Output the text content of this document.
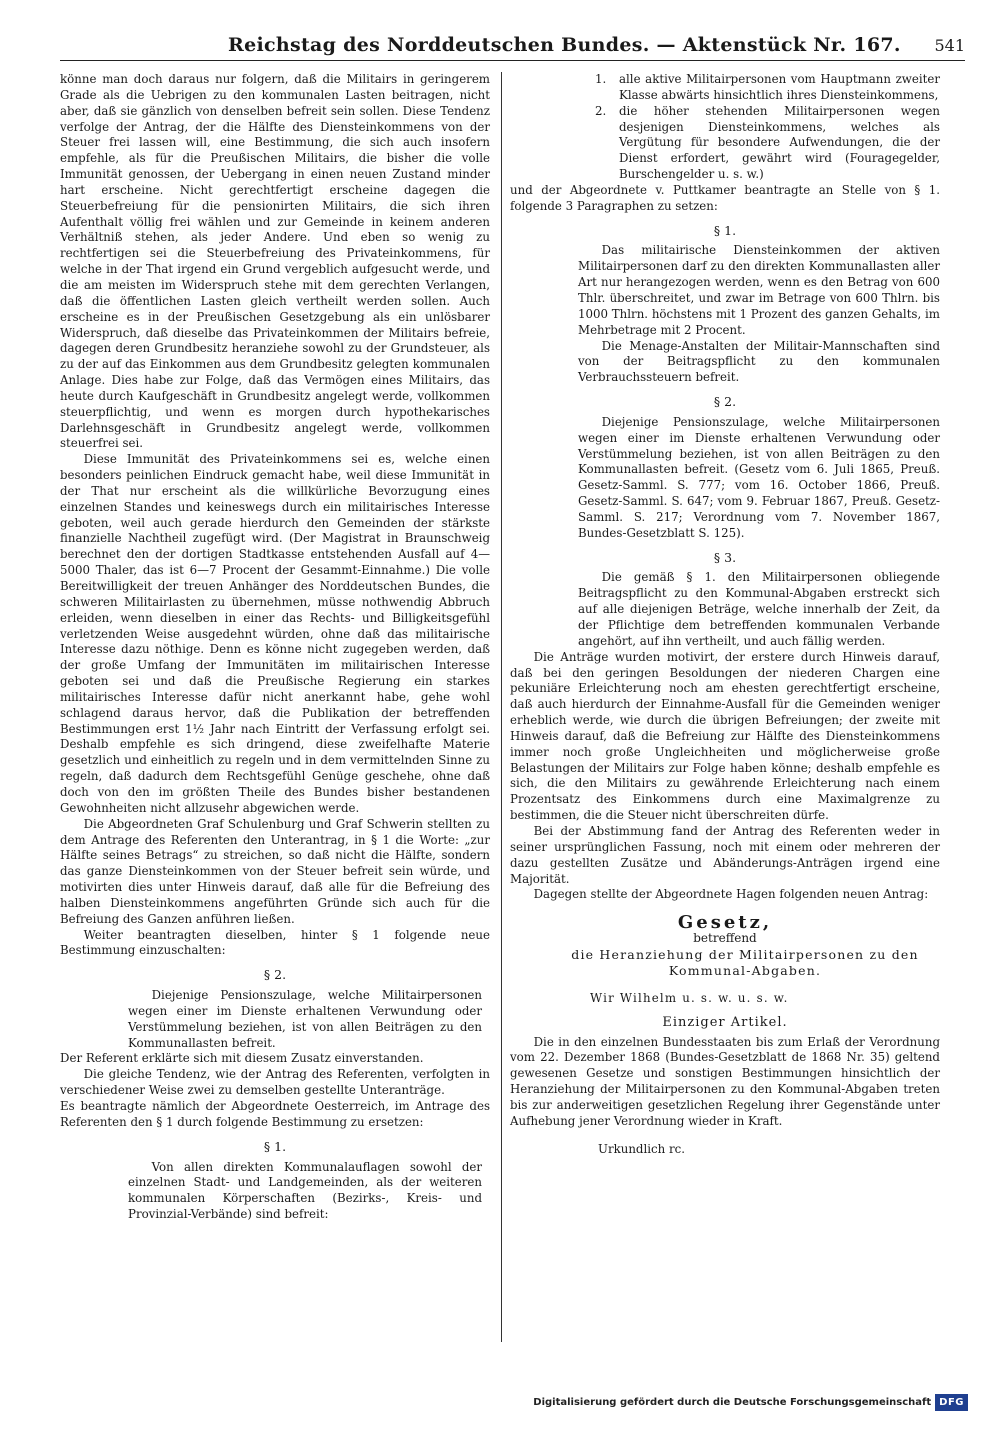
Reichstag des Norddeutschen Bundes. — Aktenstück Nr. 167. 541

könne man doch daraus nur folgern, daß die Militairs in geringerem Grade als die Uebrigen zu den kommunalen Lasten beitragen, nicht aber, daß sie gänzlich von denselben befreit sein sollen. Diese Tendenz verfolge der Antrag, der die Hälfte des Diensteinkommens von der Steuer frei lassen will, eine Bestimmung, die sich auch insofern empfehle, als für die Preußischen Militairs, die bisher die volle Immunität genossen, der Uebergang in einen neuen Zustand minder hart erscheine. Nicht gerechtfertigt erscheine dagegen die Steuerbefreiung für die pensionirten Militairs, die sich ihren Aufenthalt völlig frei wählen und zur Gemeinde in keinem anderen Verhältniß stehen, als jeder Andere. Und eben so wenig zu rechtfertigen sei die Steuerbefreiung des Privateinkommens, für welche in der That irgend ein Grund vergeblich aufgesucht werde, und die am meisten im Widerspruch stehe mit dem gerechten Verlangen, daß die öffentlichen Lasten gleich vertheilt werden sollen. Auch erscheine es in der Preußischen Gesetzgebung als ein unlösbarer Widerspruch, daß dieselbe das Privateinkommen der Militairs befreie, dagegen deren Grundbesitz heranziehe sowohl zu der Grundsteuer, als zu der auf das Einkommen aus dem Grundbesitz gelegten kommunalen Anlage. Dies habe zur Folge, daß das Vermögen eines Militairs, das heute durch Kaufgeschäft in Grundbesitz angelegt werde, vollkommen steuerpflichtig, und wenn es morgen durch hypothekarisches Darlehnsgeschäft in Grundbesitz angelegt werde, vollkommen steuerfrei sei.

Diese Immunität des Privateinkommens sei es, welche einen besonders peinlichen Eindruck gemacht habe, weil diese Immunität in der That nur erscheint als die willkürliche Bevorzugung eines einzelnen Standes und keineswegs durch ein militairisches Interesse geboten, weil auch gerade hierdurch den Gemeinden der stärkste finanzielle Nachtheil zugefügt wird. (Der Magistrat in Braunschweig berechnet den der dortigen Stadtkasse entstehenden Ausfall auf 4—5000 Thaler, das ist 6—7 Procent der Gesammt-Einnahme.) Die volle Bereitwilligkeit der treuen Anhänger des Norddeutschen Bundes, die schweren Militairlasten zu übernehmen, müsse nothwendig Abbruch erleiden, wenn dieselben in einer das Rechts- und Billigkeitsgefühl verletzenden Weise ausgedehnt würden, ohne daß das militairische Interesse dazu nöthige. Denn es könne nicht zugegeben werden, daß der große Umfang der Immunitäten im militairischen Interesse geboten sei und daß die Preußische Regierung ein starkes militairisches Interesse dafür nicht anerkannt habe, gehe wohl schlagend daraus hervor, daß die Publikation der betreffenden Bestimmungen erst 1½ Jahr nach Eintritt der Verfassung erfolgt sei. Deshalb empfehle es sich dringend, diese zweifelhafte Materie gesetzlich und einheitlich zu regeln und in dem vermittelnden Sinne zu regeln, daß dadurch dem Rechtsgefühl Genüge geschehe, ohne daß doch von den im größten Theile des Bundes bisher bestandenen Gewohnheiten nicht allzusehr abgewichen werde.

Die Abgeordneten Graf Schulenburg und Graf Schwerin stellten zu dem Antrage des Referenten den Unterantrag, in § 1 die Worte: „zur Hälfte seines Betrags“ zu streichen, so daß nicht die Hälfte, sondern das ganze Diensteinkommen von der Steuer befreit sein würde, und motivirten dies unter Hinweis darauf, daß alle für die Befreiung des halben Diensteinkommens angeführten Gründe sich auch für die Befreiung des Ganzen anführen ließen.

Weiter beantragten dieselben, hinter § 1 folgende neue Bestimmung einzuschalten:

§ 2.

Diejenige Pensionszulage, welche Militairpersonen wegen einer im Dienste erhaltenen Verwundung oder Verstümmelung beziehen, ist von allen Beiträgen zu den Kommunallasten befreit.

Der Referent erklärte sich mit diesem Zusatz einverstanden.

Die gleiche Tendenz, wie der Antrag des Referenten, verfolgten in verschiedener Weise zwei zu demselben gestellte Unteranträge.

Es beantragte nämlich der Abgeordnete Oesterreich, im Antrage des Referenten den § 1 durch folgende Bestimmung zu ersetzen:

§ 1.

Von allen direkten Kommunalauflagen sowohl der einzelnen Stadt- und Landgemeinden, als der weiteren kommunalen Körperschaften (Bezirks-, Kreis- und Provinzial-Verbände) sind befreit:

1. alle aktive Militairpersonen vom Hauptmann zweiter Klasse abwärts hinsichtlich ihres Diensteinkommens,
2. die höher stehenden Militairpersonen wegen desjenigen Diensteinkommens, welches als Vergütung für besondere Aufwendungen, die der Dienst erfordert, gewährt wird (Fouragegelder, Burschengelder u. s. w.)

und der Abgeordnete v. Puttkamer beantragte an Stelle von § 1. folgende 3 Paragraphen zu setzen:

§ 1.

Das militairische Diensteinkommen der aktiven Militairpersonen darf zu den direkten Kommunallasten aller Art nur herangezogen werden, wenn es den Betrag von 600 Thlr. überschreitet, und zwar im Betrage von 600 Thlrn. bis 1000 Thlrn. höchstens mit 1 Prozent des ganzen Gehalts, im Mehrbetrage mit 2 Procent.

Die Menage-Anstalten der Militair-Mannschaften sind von der Beitragspflicht zu den kommunalen Verbrauchssteuern befreit.

§ 2.

Diejenige Pensionszulage, welche Militairpersonen wegen einer im Dienste erhaltenen Verwundung oder Verstümmelung beziehen, ist von allen Beiträgen zu den Kommunallasten befreit. (Gesetz vom 6. Juli 1865, Preuß. Gesetz-Samml. S. 777; vom 16. October 1866, Preuß. Gesetz-Samml. S. 647; vom 9. Februar 1867, Preuß. Gesetz-Samml. S. 217; Verordnung vom 7. November 1867, Bundes-Gesetzblatt S. 125).

§ 3.

Die gemäß § 1. den Militairpersonen obliegende Beitragspflicht zu den Kommunal-Abgaben erstreckt sich auf alle diejenigen Beträge, welche innerhalb der Zeit, da der Pflichtige dem betreffenden kommunalen Verbande angehört, auf ihn vertheilt, und auch fällig werden.

Die Anträge wurden motivirt, der erstere durch Hinweis darauf, daß bei den geringen Besoldungen der niederen Chargen eine pekuniäre Erleichterung noch am ehesten gerechtfertigt erscheine, daß auch hierdurch der Einnahme-Ausfall für die Gemeinden weniger erheblich werde, wie durch die übrigen Befreiungen; der zweite mit Hinweis darauf, daß die Befreiung zur Hälfte des Diensteinkommens immer noch große Ungleichheiten und möglicherweise große Belastungen der Militairs zur Folge haben könne; deshalb empfehle es sich, die den Militairs zu gewährende Erleichterung nach einem Prozentsatz des Einkommens durch eine Maximalgrenze zu bestimmen, die die Steuer nicht überschreiten dürfe.

Bei der Abstimmung fand der Antrag des Referenten weder in seiner ursprünglichen Fassung, noch mit einem oder mehreren der dazu gestellten Zusätze und Abänderungs-Anträgen irgend eine Majorität.

Dagegen stellte der Abgeordnete Hagen folgenden neuen Antrag:

Gesetz,
betreffend
die Heranziehung der Militairpersonen zu den Kommunal-Abgaben.
Wir Wilhelm u. s. w. u. s. w.
Einziger Artikel.

Die in den einzelnen Bundesstaaten bis zum Erlaß der Verordnung vom 22. Dezember 1868 (Bundes-Gesetzblatt de 1868 Nr. 35) geltend gewesenen Gesetze und sonstigen Bestimmungen hinsichtlich der Heranziehung der Militairpersonen zu den Kommunal-Abgaben treten bis zur anderweitigen gesetzlichen Regelung ihrer Gegenstände unter Aufhebung jener Verordnung wieder in Kraft.

Urkundlich rc.
Digitalisierung gefördert durch die Deutsche Forschungsgemeinschaft DFG
